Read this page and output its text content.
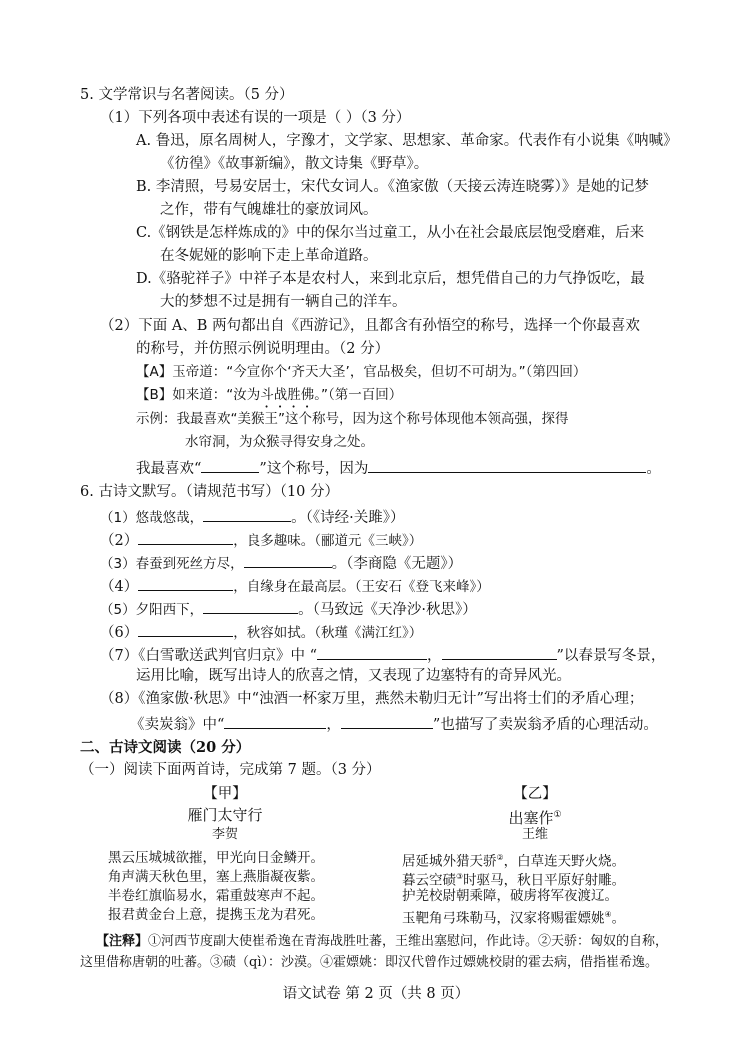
5. 文学常识与名著阅读。（5 分）
（1）下列各项中表述有误的一项是（ ）（3 分）
A. 鲁迅，原名周树人，字豫才，文学家、思想家、革命家。代表作有小说集《呐喊》
《彷徨》《故事新编》，散文诗集《野草》。
B. 李清照，号易安居士，宋代女词人。《渔家傲（天接云涛连晓雾）》是她的记梦
之作，带有气魄雄壮的豪放词风。
C.《钢铁是怎样炼成的》中的保尔当过童工，从小在社会最底层饱受磨难，后来
在冬妮娅的影响下走上革命道路。
D.《骆驼祥子》中祥子本是农村人，来到北京后，想凭借自己的力气挣饭吃，最
大的梦想不过是拥有一辆自己的洋车。
（2）下面 A、B 两句都出自《西游记》，且都含有孙悟空的称号，选择一个你最喜欢
的称号，并仿照示例说明理由。（2 分）
【A】玉帝道：“今宣你个‘齐天大圣’，官品极矣，但切不可胡为。”（第四回）
【B】如来道：“汝为斗战胜佛。”（第一百回）
示例：我最喜欢“美猴王”这个称号，因为这个称号体现他本领高强，探得
水帘洞，为众猴寻得安身之处。
我最喜欢“	”这个称号，因为	。
6. 古诗文默写。（请规范书写）（10 分）
（1）悠哉悠哉，	。（《诗经·关雎》）
（2）	，良多趣味。（郦道元《三峡》）
（3）春蚕到死丝方尽，	。（李商隐《无题》）
（4）	，自缘身在最高层。（王安石《登飞来峰》）
（5）夕阳西下，	。（马致远《天净沙·秋思》）
（6）	，秋容如拭。（秋瑾《满江红》）
（7）《白雪歌送武判官归京》中 “	，	”以春景写冬景，
运用比喻，既写出诗人的欣喜之情，又表现了边塞特有的奇异风光。
（8）《渔家傲·秋思》中“浊酒一杯家万里，燕然未勒归无计”写出将士们的矛盾心理；
《卖炭翁》中“	，	”也描写了卖炭翁矛盾的心理活动。
二、古诗文阅读（20 分）
（一）阅读下面两首诗，完成第 7 题。（3 分）
【甲】
雁门太守行
李贺
黑云压城城欲摧，甲光向日金鳞开。
角声满天秋色里，塞上燕脂凝夜紫。
半卷红旗临易水，霜重鼓寒声不起。
报君黄金台上意，提携玉龙为君死。
【乙】
出塞作①
王维
居延城外猎天骄②，白草连天野火烧。
暮云空碛③时驱马，秋日平原好射雕。
护羌校尉朝乘障，破虏将军夜渡辽。
玉靶角弓珠勒马，汉家将赐霍嫖姚④。
【注释】①河西节度副大使崔希逸在青海战胜吐蕃，王维出塞慰问，作此诗。②天骄：匈奴的自称，
这里借称唐朝的吐蕃。③碛（qì）：沙漠。④霍嫖姚：即汉代曾作过嫖姚校尉的霍去病，借指崔希逸。
语文试卷 第 2 页（共 8 页）
